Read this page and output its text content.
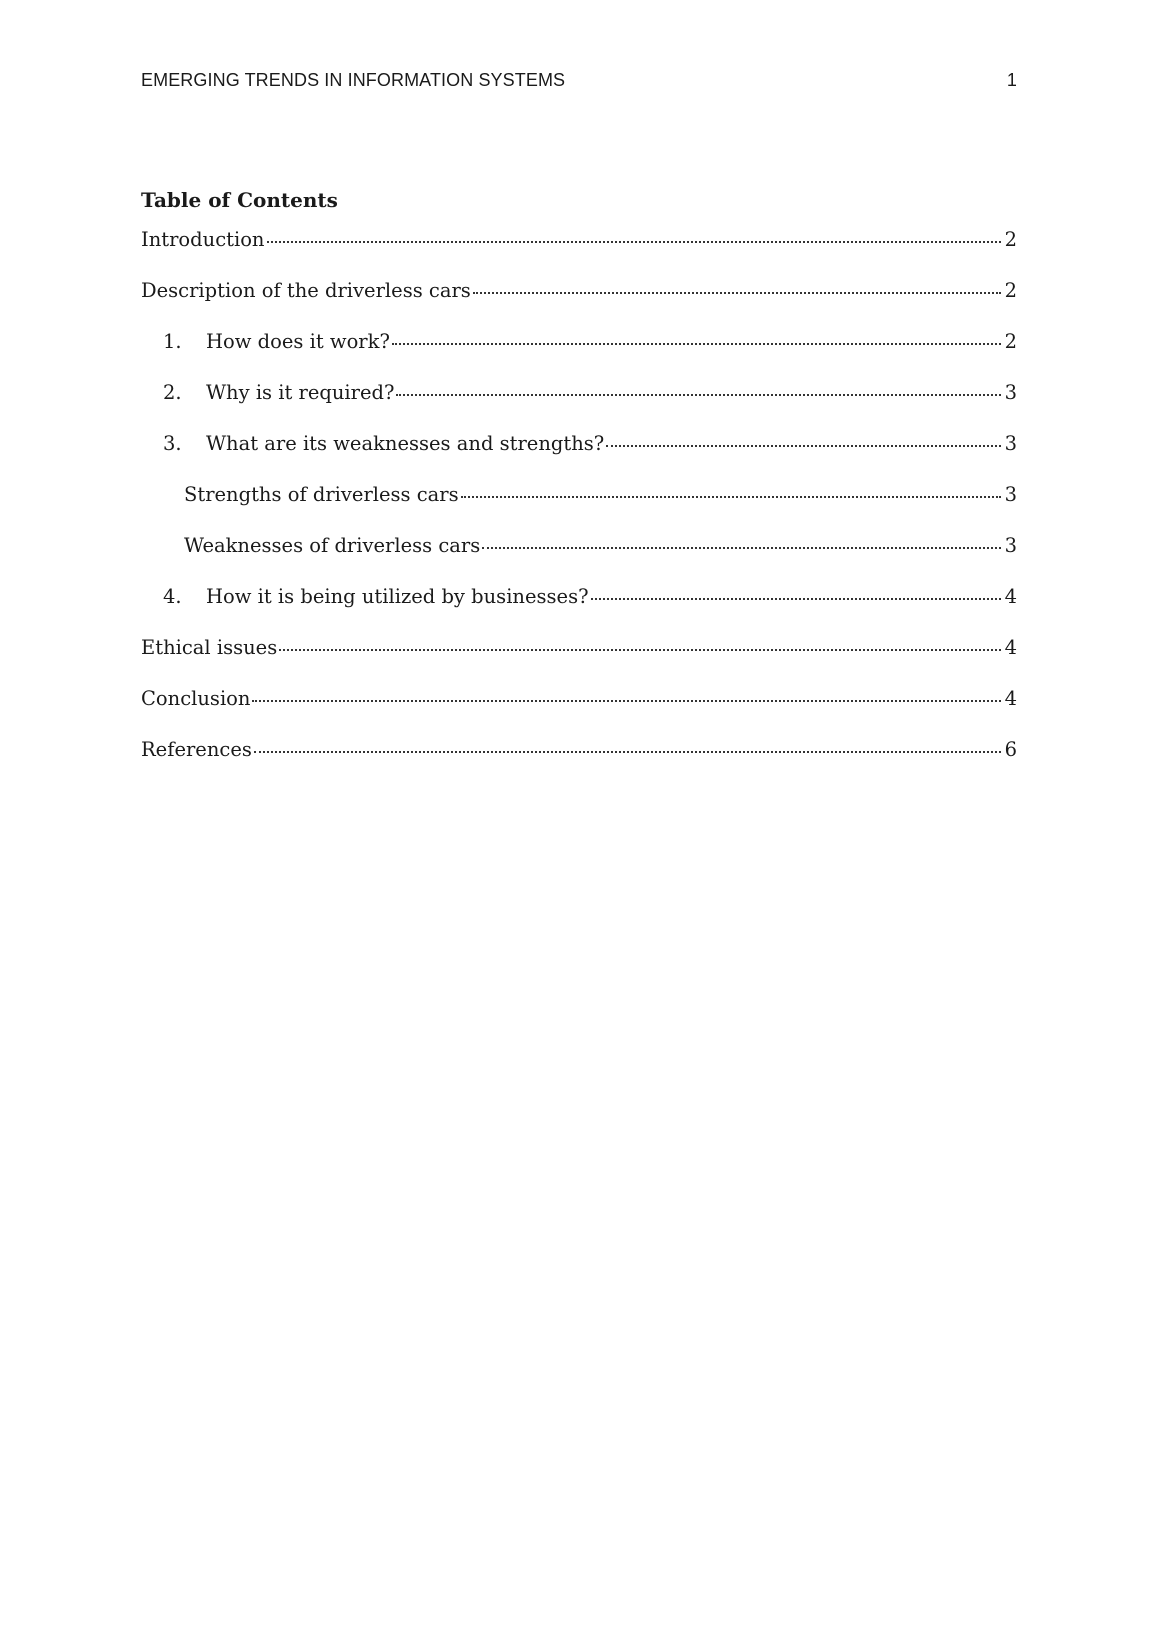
EMERGING TRENDS IN INFORMATION SYSTEMS	1
Table of Contents
Introduction	2
Description of the driverless cars	2
1.	How does it work?	2
2.	Why is it required?	3
3.	What are its weaknesses and strengths?	3
Strengths of driverless cars	3
Weaknesses of driverless cars	3
4.	How it is being utilized by businesses?	4
Ethical issues	4
Conclusion	4
References	6
